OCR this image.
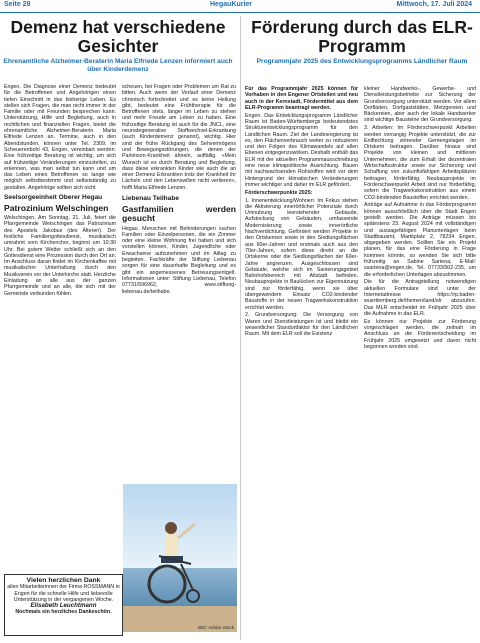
Seite 28	HegauKurier	Mittwoch, 17. Juli 2024
Demenz hat verschiedene Gesichter
Ehrenamtliche Alzheimer-Beraterin Maria Elfriede Lenzen informiert auch über Kinderdemenz

Engen. Die Diagnose einer Demenz bedeutet für die Betroffenen und Angehörigen einen tiefen Einschnitt in das bisherige Leben. Es stellen sich Fragen, die man nicht immer in der Familie oder mit Freunden besprechen kann. Unterstützung, Hilfe und Begleitung, auch in rechtlichen und finanziellen Fragen, bietet die ehrenamtliche Alzheimer-Beraterin Maria Elfriede Lenzen an. Termine, auch in den Abendstunden, können unter Tel. 2309, im Scheuerenbohl 43, Engen, vereinbart werden. Eine frühzeitige Beratung ist wichtig, um sich auf frühzeitige Veränderungen einzustellen, zu erkennen, was man selbst tun kann und um das Leben eines Betroffenen so lange wie möglich selbstbestimmt und selbstständig zu gestalten. Angehörige sollten sich nicht

Seelsorgeeinheit Oberer Hegau
Patrozinium Welschingen

Welschingen. Am Sonntag, 21. Juli, feiert die Pfarrgemeinde Welschingen das Patrozinium des Apostels Jakobus (des Älteren). Der festliche Familiengottesdienst, musikalisch umrahmt vom Kirchenchor, beginnt um 10:30 Uhr. Bei gutem Wetter schließt sich an den Gottesdienst eine Prozession durch den Ort an. Im Anschluss daran findet im Kirchenkaffee mit musikalischer Unterhaltung durch den Musikverein vor der Unterkirche statt. Herzliche Einladung an alle aus der ganzen Pfarrgemeinde und an alle, die sich mit der Gemeinde verbunden fühlen.

scheuen, bei Fragen oder Problemen um Rat zu bitten. Auch wenn der Verlauf einer Demenz chronisch fortschreitet und es keine Heilung gibt, bedeutet eine Frühtherapie für die Betroffenen stets, länger im Leben zu stehen und mehr Freude am Leben zu haben. Eine frühzeitige Beratung ist auch für die JNCL, eine neurodegenerative Stoffwechsel-Erkrankung (auch Kinderdemenz genannt), wichtig. Hier sind der frühe Rückgang des Sehvermögens und Bewegungsstörungen, die denen der Parkinson-Krankheit ähneln, auffällig. »Mein Wunsch ist es durch Beratung und Begleitung, dass diese erkrankten Kinder wie auch die an einer Demenz Erkrankten trotz der Krankheit ihr Lächeln und den Lebenswillen nicht verlieren«, hofft Maria Elfriede Lenzen.

Liebenau Teilhabe
Gastfamilien werden gesucht

Hegau. Menschen mit Behinderungen suchen Familien oder Einzelpersonen, die ein Zimmer oder eine kleine Wohnung frei haben und sich vorstellen können, Kinder, Jugendliche oder Erwachsene aufzunehmen und im Alltag zu begleiten. Fachkräfte der Stiftung Liebenau sorgen für eine dauerhafte Begleitung und es gibt ein angemessenes Betreuungsentgelt. Informationen unter: Stiftung Liebenau, Telefon 07731/596962, www.stiftung-liebenau.de/teilhabe.

Vielen herzlichen Dank
allen Mitarbeiterinnen der Firma ROSSMANN in Engen für die schnelle Hilfe und liebevolle Unterstützung in der vergangenen Woche.
Elisabeth Leuchtmann
Nochmals ein herzliches Dankeschön.
Bild: Adobe Stock
Förderung durch das ELR-Programm
Programmjahr 2025 des Entwicklungsprogramms Ländlicher Raum

Für das Programmjahr 2025 können für Vorhaben in den Engener Ortsteilen und neu auch in der Kernstadt, Fördermittel aus dem ELR-Programm beantragt werden.

Engen. Das Entwicklungsprogramm Ländlicher Raum ist Baden-Württembergs bedeutendstes Strukturentwicklungsprogramm für den Ländlichen Raum. Ziel der Landesregierung ist es, den Flächenverbrauch weiter zu reduzieren und den Folgen des Klimawandels auf allen Ebenen entgegenzuwirken. Deshalb enthält das ELR mit der aktuellen Programmausschreibung eine neue klimapolitische Ausrichtung. Bauen mit nachwachsenden Rohstoffen wird vor dem Hintergrund der klimatischen Veränderungen immer wichtiger und daher im ELR gefördert.

Förderschwerpunkte 2025:

1. Innenentwicklung/Wohnen: Im Fokus stehen die Aktivierung innerörtlicher Potenziale durch Umnutzung leerstehender Gebäude, Aufstockung von Gebäuden, umfassende Modernisierung sowie innerörtliche Nachverdichtung. Gefördert werden Projekte in den Ortskernen sowie in den Siedlungsflächen aus 60er-Jahren und erstmals auch aus den 70er-Jahren, sofern diese direkt an die Ortskerne oder die Siedlungsflächen der 60er-Jahre angrenzen. Ausgeschlossen sind Gebäude, welche sich im Sanierungsgebiet Bahnhofsbereich mit Altstadt befinden. Neubauprojekte in Baulücken zur Eigennutzung sind nur förderfähig, wenn sie über übergewendem Einsatz CO2-bindender Baustoffe in der neuen Tragwerkskonstruktion errichtet werden.

2. Grundversorgung: Die Versorgung von Waren und Dienstleistungen ist und bleibt ein wesentlicher Standortfaktor für den Ländlichen Raum. Mit dem ELR soll die Existenz

kleiner Handwerks-, Gewerbe- und Dienstleistungsbetriebe zur Sicherung der Grundversorgung unterstützt werden. Vor allem Dorfläden, Dorfgaststätten, Metzgereien und Bäckereien, aber auch der lokale Handwerker sind wichtige Bausteine der Grundversorgung.

3. Arbeiten: Im Förderschwerpunkt Arbeiten werden vorrangig Projekte unterstützt, die zur Entflechtung störender Gemengelagen im Ortskern beitragen. Darüber hinaus sind Projekte von kleinen und mittleren Unternehmen, die zum Erhalt der dezentralen Wirtschaftsstruktur sowie zur Sicherung und Schaffung von zukunftsfähigen Arbeitsplätzen beitragen, förderfähig. Neubauprojekte im Förderschwerpunkt Arbeit sind nur förderfähig, sofern die Tragwerkskonstruktion aus einem CO2-bindenden Baustoffen errichtet werden.

Anträge auf Aufnahme in das Förderprogramm können ausschließlich über die Stadt Engen gestellt werden. Die Anträge müssen bis spätestens 23. August 2024 mit vollständigen und aussagefähigen Planunterlagen beim Stadtbauamt, Marktplatz 2, 78234 Engen, abgegeben werden. Sollten Sie ein Projekt planen, für das eine Förderung in Frage kommen könnte, so wenden Sie sich bitte frühzeitig an Sabine Sartena, E-Mail: ssartena@engen.de, Tel. 07733/502-235, um die erforderlichen Unterlagen abzustimmen.

Die für die Antragstellung notwendigen aktuellen Formulare sind unter der Internetadresse https://rp.baden-wuerttemberg.de/themen/land/elr abzurufen. Das MLR entscheidet im Frühjahr 2025 über die Aufnahme in das ELR.

Es können nur Projekte zur Förderung vorgeschlagen werden, die zeitnah im Anschluss an die Förderentscheidung im Frühjahr 2025 umgesetzt und davor nicht begonnen worden sind.
